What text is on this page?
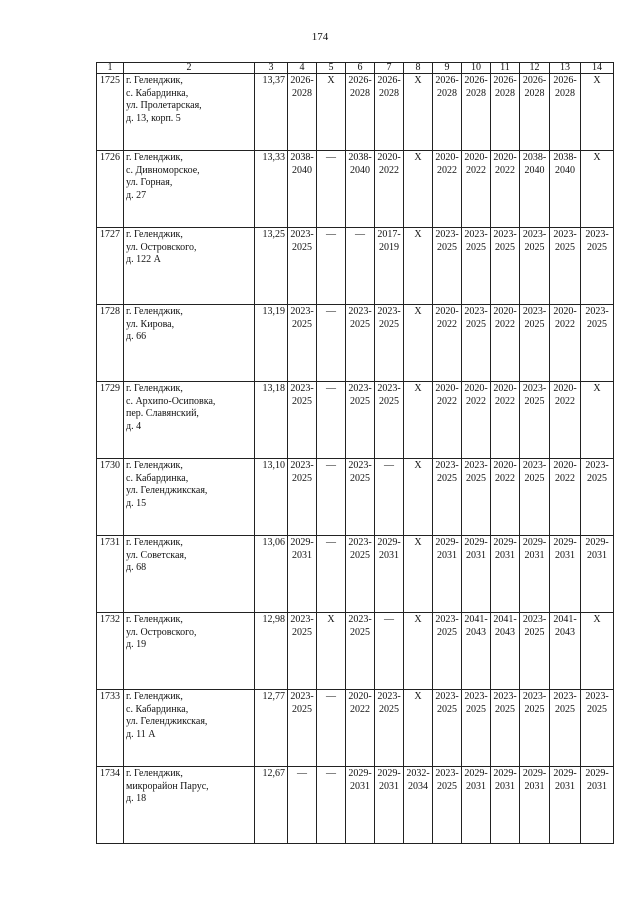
174
1	2	3	4	5	6	7	8	9	10	11	12	13	14
1725	г. Геленджик,
с. Кабардинка,
ул. Пролетарская,
д. 13, корп. 5	13,37	2026-
2028	Х	2026-
2028	2026-
2028	Х	2026-
2028	2026-
2028	2026-
2028	2026-
2028	2026-
2028	Х

1726	г. Геленджик,
с. Дивноморское,
ул. Горная,
д. 27	13,33	2038-
2040	—	2038-
2040	2020-
2022	Х	2020-
2022	2020-
2022	2020-
2022	2038-
2040	2038-
2040	Х

1727	г. Геленджик,
ул. Островского,
д. 122 А	13,25	2023-
2025	—	—	2017-
2019	Х	2023-
2025	2023-
2025	2023-
2025	2023-
2025	2023-
2025	2023-
2025

1728	г. Геленджик,
ул. Кирова,
д. 66	13,19	2023-
2025	—	2023-
2025	2023-
2025	Х	2020-
2022	2023-
2025	2020-
2022	2023-
2025	2020-
2022	2023-
2025

1729	г. Геленджик,
с. Архипо-Осиповка,
пер. Славянский,
д. 4	13,18	2023-
2025	—	2023-
2025	2023-
2025	Х	2020-
2022	2020-
2022	2020-
2022	2023-
2025	2020-
2022	Х

1730	г. Геленджик,
с. Кабардинка,
ул. Геленджикская,
д. 15	13,10	2023-
2025	—	2023-
2025	—	Х	2023-
2025	2023-
2025	2020-
2022	2023-
2025	2020-
2022	2023-
2025

1731	г. Геленджик,
ул. Советская,
д. 68	13,06	2029-
2031	—	2023-
2025	2029-
2031	Х	2029-
2031	2029-
2031	2029-
2031	2029-
2031	2029-
2031	2029-
2031

1732	г. Геленджик,
ул. Островского,
д. 19	12,98	2023-
2025	Х	2023-
2025	—	Х	2023-
2025	2041-
2043	2041-
2043	2023-
2025	2041-
2043	Х

1733	г. Геленджик,
с. Кабардинка,
ул. Геленджикская,
д. 11 А	12,77	2023-
2025	—	2020-
2022	2023-
2025	Х	2023-
2025	2023-
2025	2023-
2025	2023-
2025	2023-
2025	2023-
2025

1734	г. Геленджик,
микрорайон Парус,
д. 18	12,67	—	—	2029-
2031	2029-
2031	2032-
2034	2023-
2025	2029-
2031	2029-
2031	2029-
2031	2029-
2031	2029-
2031
